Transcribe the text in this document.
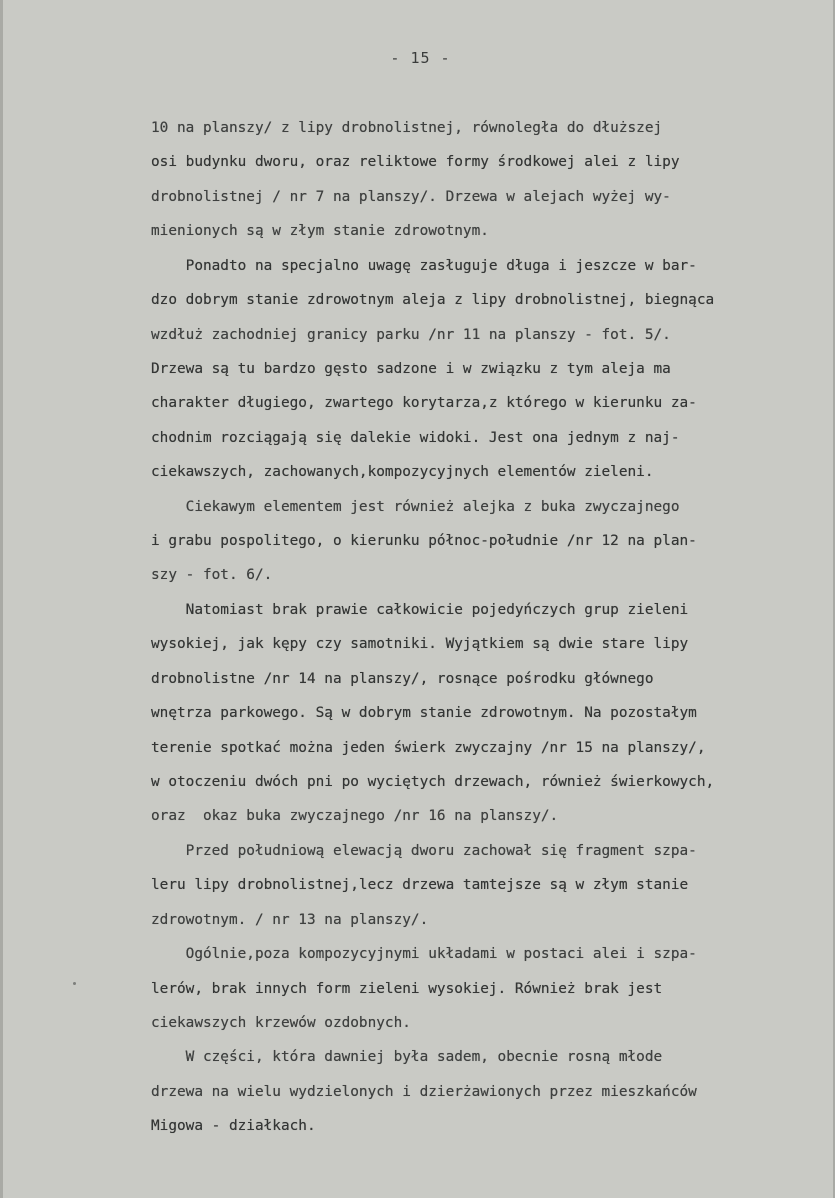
- 15 -
10 na planszy/ z lipy drobnolistnej, równoległa do dłuższej
osi budynku dworu, oraz reliktowe formy środkowej alei z lipy
drobnolistnej / nr 7 na planszy/. Drzewa w alejach wyżej wy-
mienionych są w złym stanie zdrowotnym.
Ponadto na specjalno uwagę zasługuje długa i jeszcze w bar-
dzo dobrym stanie zdrowotnym aleja z lipy drobnolistnej, biegnąca
wzdłuż zachodniej granicy parku /nr 11 na planszy - fot. 5/.
Drzewa są tu bardzo gęsto sadzone i w związku z tym aleja ma
charakter długiego, zwartego korytarza,z którego w kierunku za-
chodnim rozciągają się dalekie widoki. Jest ona jednym z naj-
ciekawszych, zachowanych,kompozycyjnych elementów zieleni.
Ciekawym elementem jest również alejka z buka zwyczajnego
i grabu pospolitego, o kierunku północ-południe /nr 12 na plan-
szy - fot. 6/.
Natomiast brak prawie całkowicie pojedyńczych grup zieleni
wysokiej, jak kępy czy samotniki. Wyjątkiem są dwie stare lipy
drobnolistne /nr 14 na planszy/, rosnące pośrodku głównego
wnętrza parkowego. Są w dobrym stanie zdrowotnym. Na pozostałym
terenie spotkać można jeden świerk zwyczajny /nr 15 na planszy/,
w otoczeniu dwóch pni po wyciętych drzewach, również świerkowych,
oraz  okaz buka zwyczajnego /nr 16 na planszy/.
Przed południową elewacją dworu zachował się fragment szpa-
leru lipy drobnolistnej,lecz drzewa tamtejsze są w złym stanie
zdrowotnym. / nr 13 na planszy/.
Ogólnie,poza kompozycyjnymi układami w postaci alei i szpa-
lerów, brak innych form zieleni wysokiej. Również brak jest
ciekawszych krzewów ozdobnych.
W części, która dawniej była sadem, obecnie rosną młode
drzewa na wielu wydzielonych i dzierżawionych przez mieszkańców
Migowa - działkach.
